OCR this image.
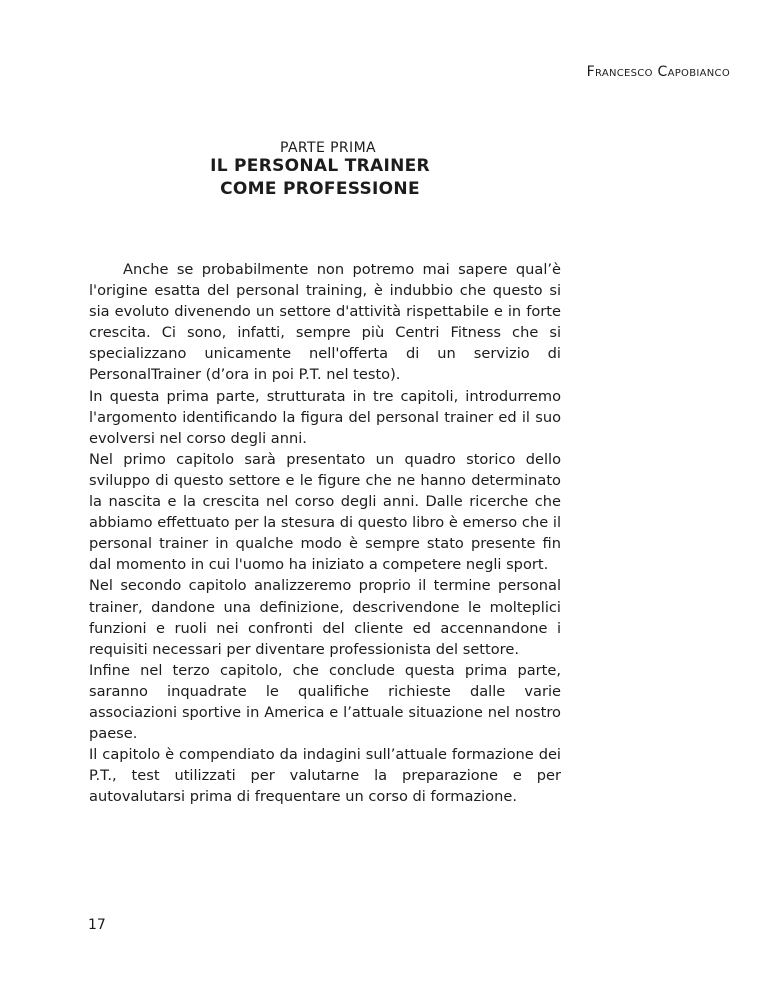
Francesco Capobianco
PARTE PRIMA
IL PERSONAL TRAINER
COME PROFESSIONE

Anche se probabilmente non potremo mai sapere qual’è l'origine esatta del personal training, è indubbio che questo si sia evoluto divenendo un settore d'attività rispettabile e in forte crescita. Ci sono, infatti, sempre più Centri Fitness che si specializzano unicamente nell'offerta di un servizio di PersonalTrainer (d’ora in poi P.T. nel testo).

In questa prima parte, strutturata in tre capitoli, introdurremo l'argomento identificando la figura del personal trainer ed il suo evolversi nel corso degli anni.

Nel primo capitolo sarà presentato un quadro storico dello sviluppo di questo settore e le figure che ne hanno determinato la nascita e la crescita nel corso degli anni. Dalle ricerche che abbiamo effettuato per la stesura di questo libro è emerso che il personal trainer in qualche modo è sempre stato presente fin dal momento in cui l'uomo ha iniziato a competere negli sport.

Nel secondo capitolo analizzeremo proprio il termine personal trainer, dandone una definizione, descrivendone le molteplici funzioni e ruoli nei confronti del cliente ed accennandone i requisiti necessari per diventare professionista del settore.

Infine nel terzo capitolo, che conclude questa prima parte, saranno inquadrate le qualifiche richieste dalle varie associazioni sportive in America e l’attuale situazione nel nostro paese.

Il capitolo è compendiato da indagini sull’attuale formazione dei P.T., test utilizzati per valutarne la preparazione e per autovalutarsi prima di frequentare un corso di formazione.

17
